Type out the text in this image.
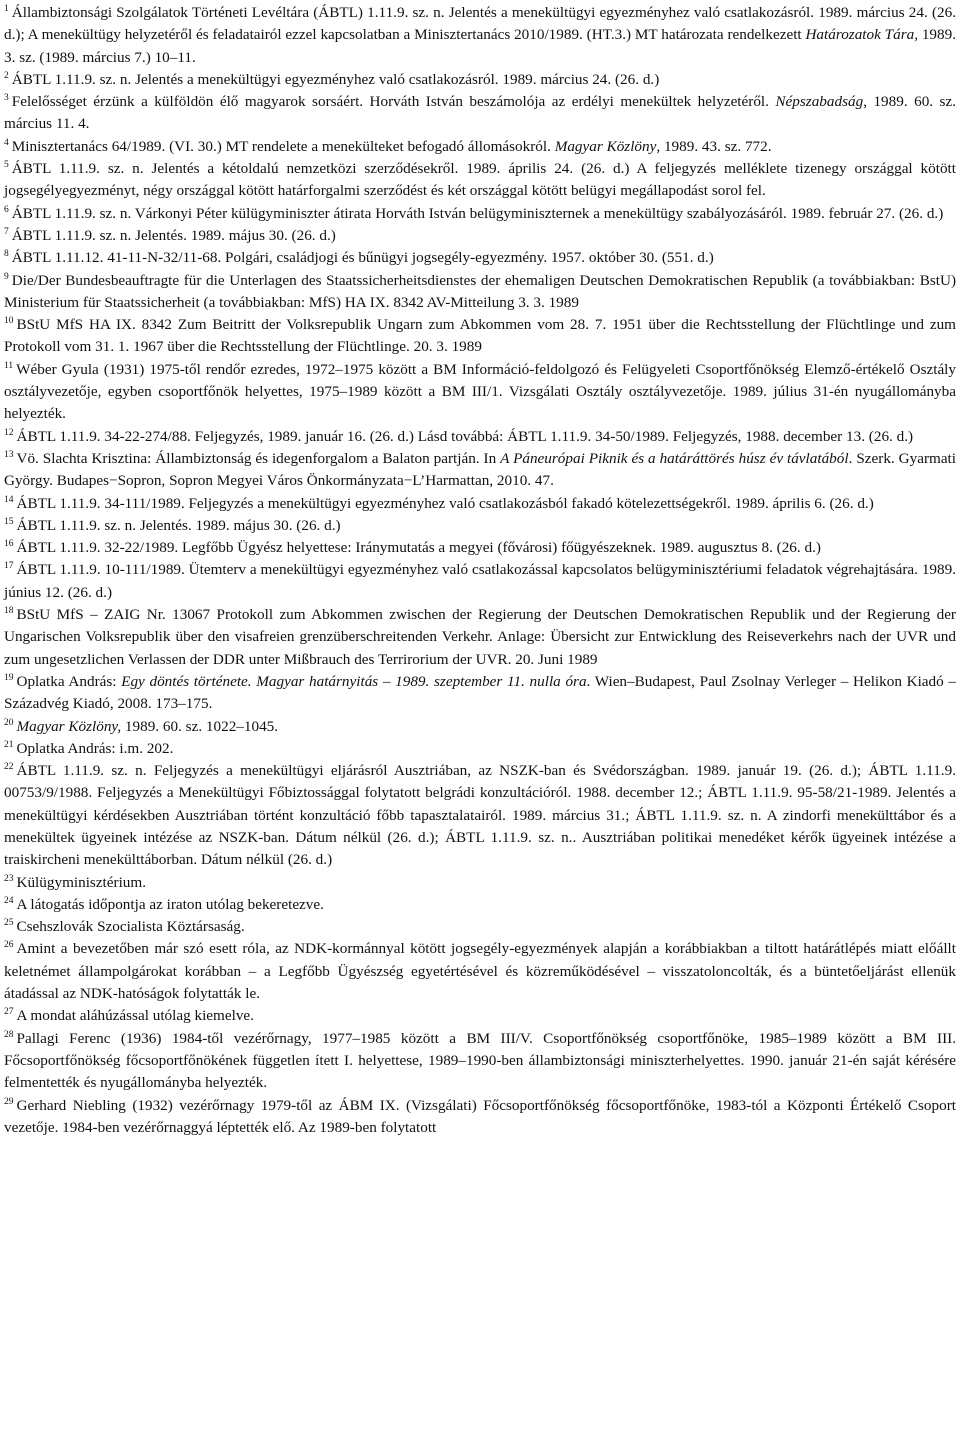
$^1$ Állambiztonsági Szolgálatok Történeti Levéltára (ÁBTL) 1.11.9. sz. n. Jelentés a menekültügyi egyezményhez való csatlakozásról. 1989. március 24. (26. d.); A menekültügy helyzetéről és feladatairól ezzel kapcsolatban a Minisztertanács 2010/1989. (HT.3.) MT határozata rendelkezett Határozatok Tára, 1989. 3. sz. (1989. március 7.) 10–11.

$^2$ ÁBTL 1.11.9. sz. n. Jelentés a menekültügyi egyezményhez való csatlakozásról. 1989. március 24. (26. d.)

$^3$ Felelősséget érzünk a külföldön élő magyarok sorsáért. Horváth István beszámolója az erdélyi menekültek helyzetéről. Népszabadság, 1989. 60. sz. március 11. 4.

$^4$ Minisztertanács 64/1989. (VI. 30.) MT rendelete a menekülteket befogadó állomásokról. Magyar Közlöny, 1989. 43. sz. 772.

$^5$ ÁBTL 1.11.9. sz. n. Jelentés a kétoldalú nemzetközi szerződésekről. 1989. április 24. (26. d.) A feljegyzés melléklete tizenegy országgal kötött jogsegélyegyezményt, négy országgal kötött határforgalmi szerződést és két országgal kötött belügyi megállapodást sorol fel.

$^6$ ÁBTL 1.11.9. sz. n. Várkonyi Péter külügyminiszter átirata Horváth István belügyminiszternek a menekültügy szabályozásáról. 1989. február 27. (26. d.)

$^7$ ÁBTL 1.11.9. sz. n. Jelentés. 1989. május 30. (26. d.)

$^8$ ÁBTL 1.11.12. 41-11-N-32/11-68. Polgári, családjogi és bűnügyi jogsegély-egyezmény. 1957. október 30. (551. d.)

$^9$ Die/Der Bundesbeauftragte für die Unterlagen des Staatssicherheitsdienstes der ehemaligen Deutschen Demokratischen Republik (a továbbiakban: BstU) Ministerium für Staatssicherheit (a továbbiakban: MfS) HA IX. 8342 AV-Mitteilung 3. 3. 1989

$^{10}$ BStU MfS HA IX. 8342 Zum Beitritt der Volksrepublik Ungarn zum Abkommen vom 28. 7. 1951 über die Rechtsstellung der Flüchtlinge und zum Protokoll vom 31. 1. 1967 über die Rechtsstellung der Flüchtlinge. 20. 3. 1989

$^{11}$ Wéber Gyula (1931) 1975-től rendőr ezredes, 1972–1975 között a BM Információ-feldolgozó és Felügyeleti Csoportfőnökség Elemző-értékelő Osztály osztályvezetője, egyben csoportfőnök helyettes, 1975–1989 között a BM III/1. Vizsgálati Osztály osztályvezetője. 1989. július 31-én nyugállományba helyezték.

$^{12}$ ÁBTL 1.11.9. 34-22-274/88. Feljegyzés, 1989. január 16. (26. d.) Lásd továbbá: ÁBTL 1.11.9. 34-50/1989. Feljegyzés, 1988. december 13. (26. d.)

$^{13}$ Vö. Slachta Krisztina: Állambiztonság és idegenforgalom a Balaton partján. In A Páneurópai Piknik és a határáttörés húsz év távlatából. Szerk. Gyarmati György. Budapes−Sopron, Sopron Megyei Város Önkormányzata−L’Harmattan, 2010. 47.

$^{14}$ ÁBTL 1.11.9. 34-111/1989. Feljegyzés a menekültügyi egyezményhez való csatlakozásból fakadó kötelezettségekről. 1989. április 6. (26. d.)

$^{15}$ ÁBTL 1.11.9. sz. n. Jelentés. 1989. május 30. (26. d.)

$^{16}$ ÁBTL 1.11.9. 32-22/1989. Legfőbb Ügyész helyettese: Iránymutatás a megyei (fővárosi) főügyészeknek. 1989. augusztus 8. (26. d.)

$^{17}$ ÁBTL 1.11.9. 10-111/1989. Ütemterv a menekültügyi egyezményhez való csatlakozással kapcsolatos belügyminisztériumi feladatok végrehajtására. 1989. június 12. (26. d.)

$^{18}$ BStU MfS – ZAIG Nr. 13067 Protokoll zum Abkommen zwischen der Regierung der Deutschen Demokratischen Republik und der Regierung der Ungarischen Volksrepublik über den visafreien grenzüberschreitenden Verkehr. Anlage: Übersicht zur Entwicklung des Reiseverkehrs nach der UVR und zum ungesetzlichen Verlassen der DDR unter Mißbrauch des Terrirorium der UVR. 20. Juni 1989

$^{19}$ Oplatka András: Egy döntés története. Magyar határnyitás – 1989. szeptember 11. nulla óra. Wien–Budapest, Paul Zsolnay Verleger – Helikon Kiadó – Századvég Kiadó, 2008. 173–175.

$^{20}$ Magyar Közlöny, 1989. 60. sz. 1022–1045.

$^{21}$ Oplatka András: i.m. 202.

$^{22}$ ÁBTL 1.11.9. sz. n. Feljegyzés a menekültügyi eljárásról Ausztriában, az NSZK-ban és Svédországban. 1989. január 19. (26. d.); ÁBTL 1.11.9. 00753/9/1988. Feljegyzés a Menekültügyi Főbiztossággal folytatott belgrádi konzultációról. 1988. december 12.; ÁBTL 1.11.9. 95-58/21-1989. Jelentés a menekültügyi kérdésekben Ausztriában történt konzultáció főbb tapasztalatairól. 1989. március 31.; ÁBTL 1.11.9. sz. n. A zindorfi menekülttábor és a menekültek ügyeinek intézése az NSZK-ban. Dátum nélkül (26. d.); ÁBTL 1.11.9. sz. n.. Ausztriában politikai menedéket kérők ügyeinek intézése a traiskircheni menekülttáborban. Dátum nélkül (26. d.)

$^{23}$ Külügyminisztérium.

$^{24}$ A látogatás időpontja az iraton utólag bekeretezve.

$^{25}$ Csehszlovák Szocialista Köztársaság.

$^{26}$ Amint a bevezetőben már szó esett róla, az NDK-kormánnyal kötött jogsegély-egyezmények alapján a korábbiakban a tiltott határátlépés miatt előállt keletnémet állampolgárokat korábban – a Legfőbb Ügyészség egyetértésével és közreműködésével – visszatoloncolták, és a büntetőeljárást ellenük átadással az NDK-hatóságok folytatták le.

$^{27}$ A mondat aláhúzással utólag kiemelve.

$^{28}$ Pallagi Ferenc (1936) 1984-től vezérőrnagy, 1977–1985 között a BM III/V. Csoportfőnökség csoportfőnöke, 1985–1989 között a BM III. Főcsoportfőnökség főcsoportfőnökének független ített I. helyettese, 1989–1990-ben állambiztonsági miniszterhelyettes. 1990. január 21-én saját kérésére felmentették és nyugállományba helyezték.

$^{29}$ Gerhard Niebling (1932) vezérőrnagy 1979-től az ÁBM IX. (Vizsgálati) Főcsoportfőnökség főcsoportfőnöke, 1983-tól a Központi Értékelő Csoport vezetője. 1984-ben vezérőrnaggyá léptették elő. Az 1989-ben folytatott
